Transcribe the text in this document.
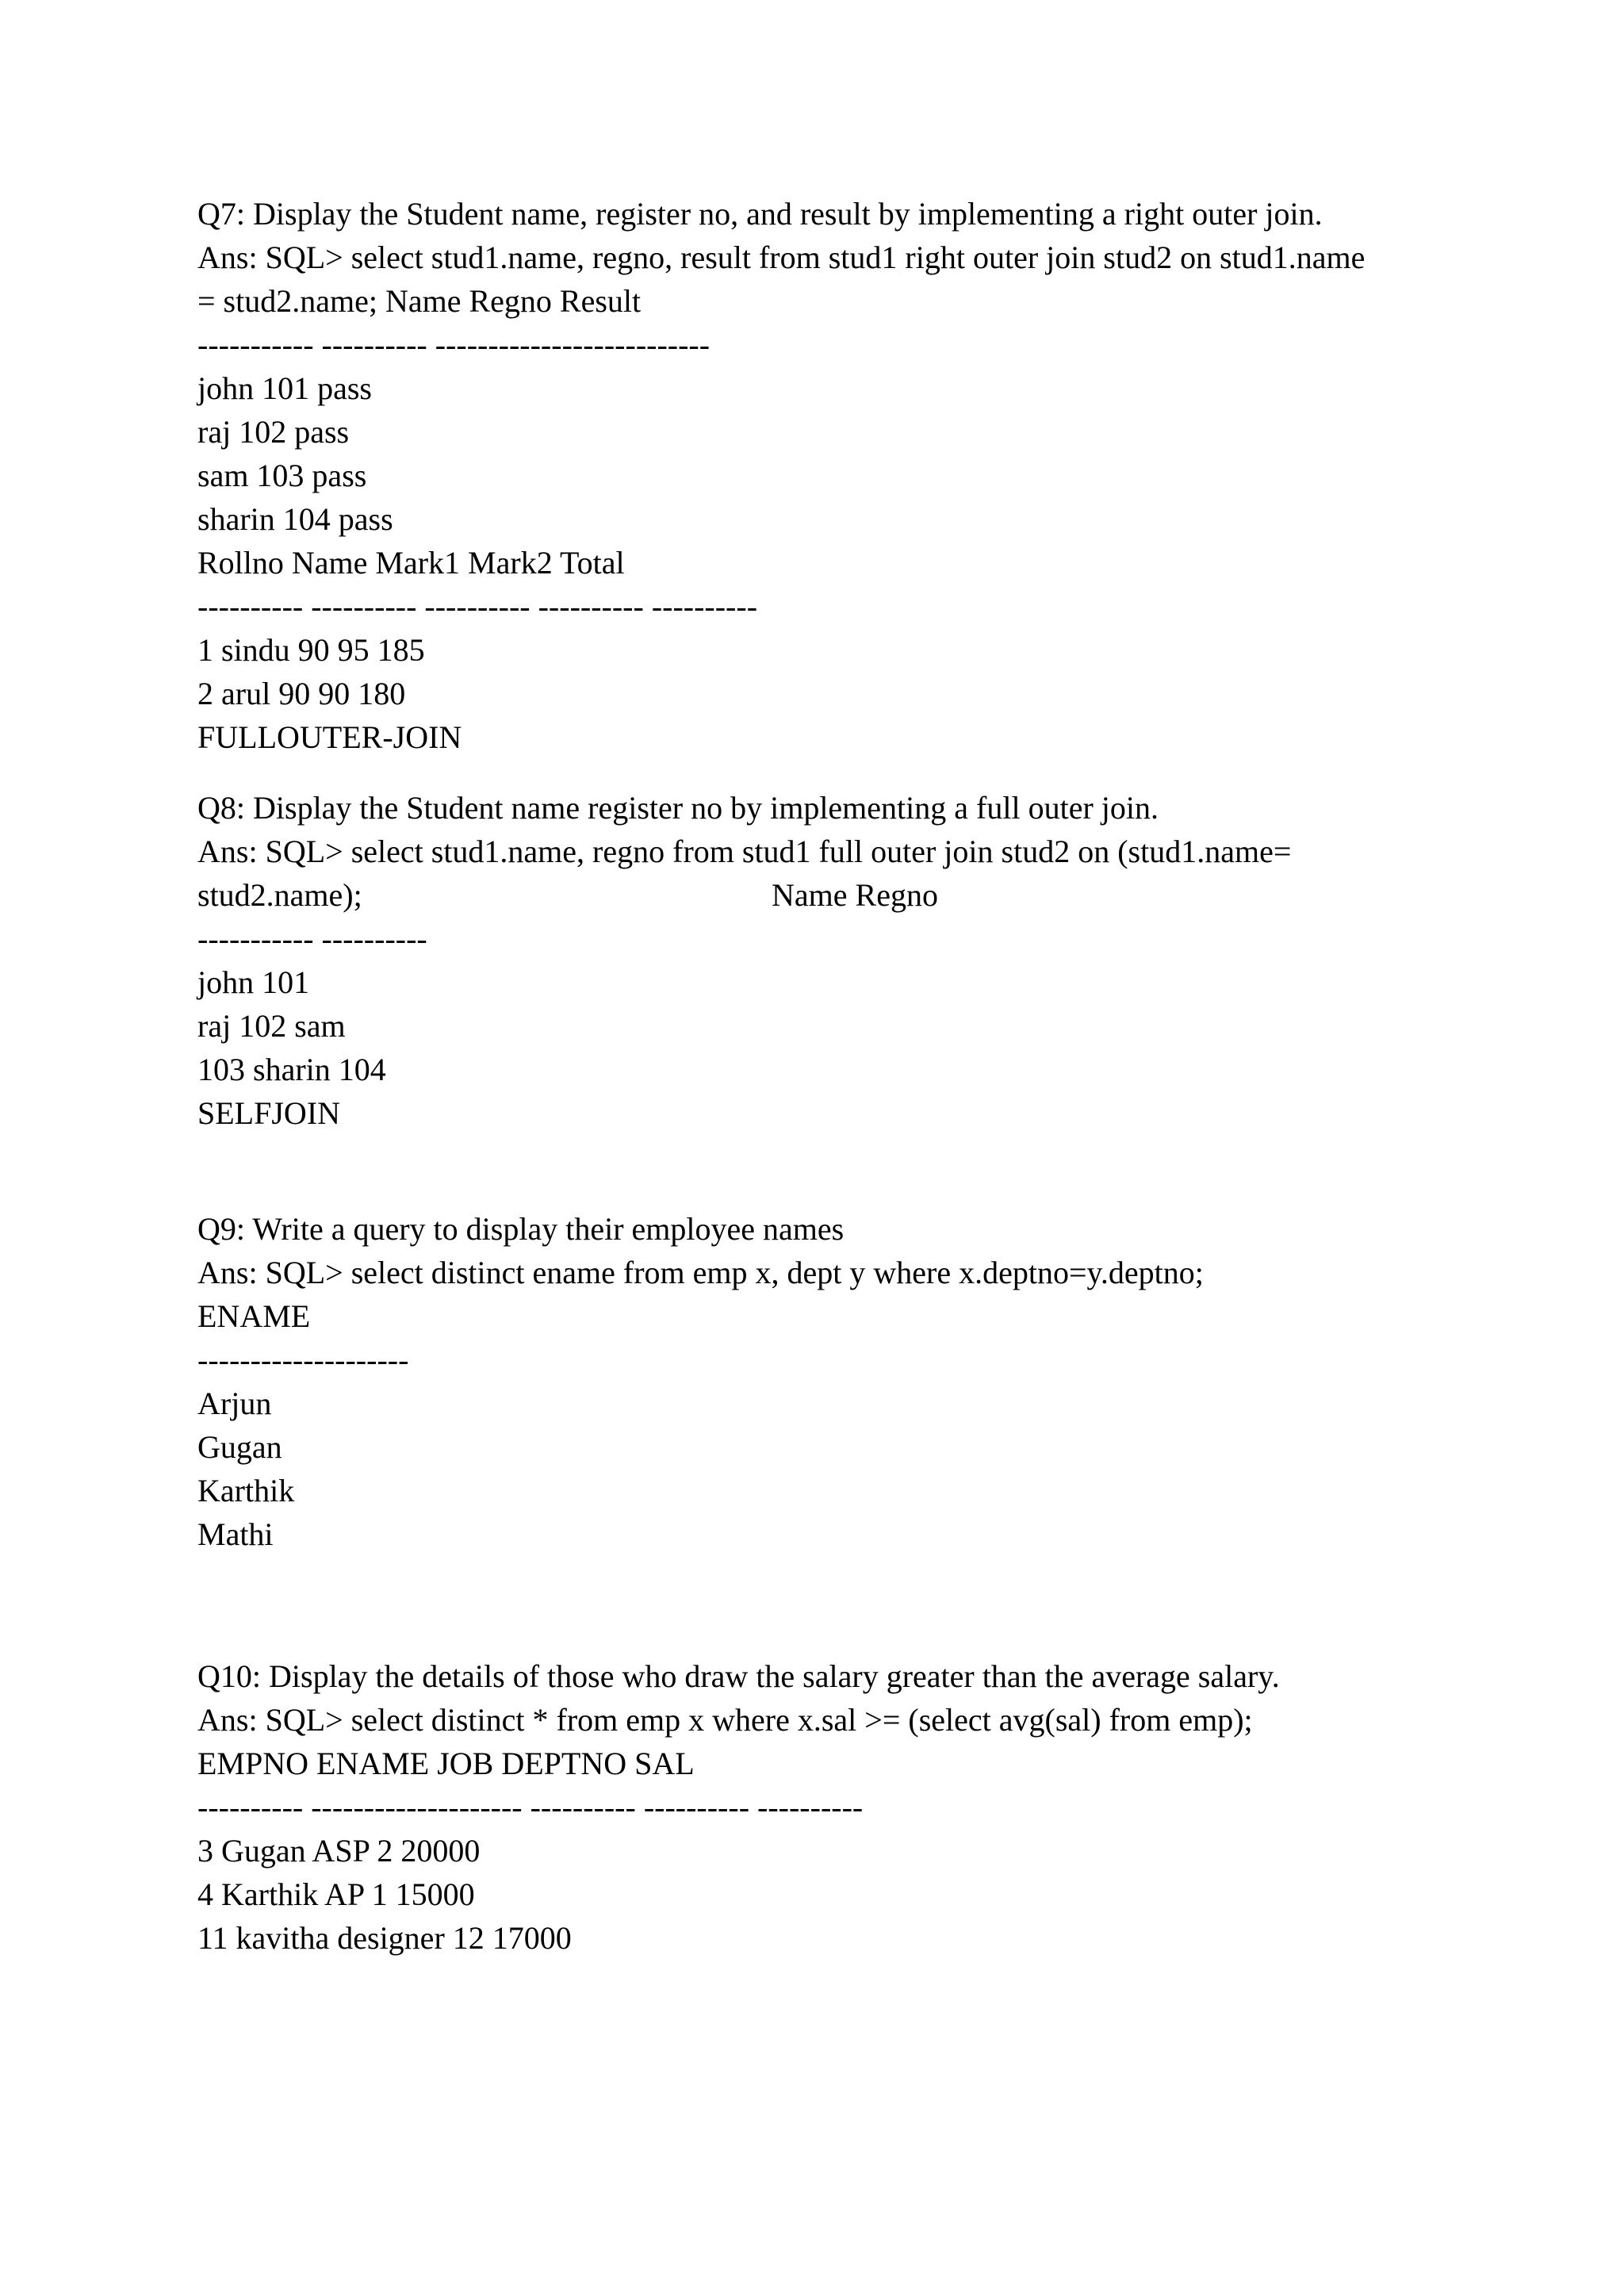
Q7: Display the Student name, register no, and result by implementing a right outer join.

Ans: SQL> select stud1.name, regno, result from stud1 right outer join stud2 on stud1.name

= stud2.name; Name Regno Result

----------- ---------- --------------------------

john 101 pass

raj 102 pass

sam 103 pass

sharin 104 pass

Rollno Name Mark1 Mark2 Total

---------- ---------- ---------- ---------- ----------

1 sindu 90 95 185

2 arul 90 90 180

FULLOUTER-JOIN

Q8: Display the Student name register no by implementing a full outer join.

Ans: SQL> select stud1.name, regno from stud1 full outer join stud2 on (stud1.name=

stud2.name);	Name Regno

----------- ----------

john 101

raj 102 sam

103 sharin 104

SELFJOIN

Q9: Write a query to display their employee names

Ans: SQL> select distinct ename from emp x, dept y where x.deptno=y.deptno;

ENAME

--------------------

Arjun

Gugan

Karthik

Mathi

Q10: Display the details of those who draw the salary greater than the average salary.

Ans: SQL> select distinct * from emp x where x.sal >= (select avg(sal) from emp);

EMPNO ENAME JOB DEPTNO SAL

---------- -------------------- ---------- ---------- ----------

3 Gugan ASP 2 20000

4 Karthik AP 1 15000

11 kavitha designer 12 17000
